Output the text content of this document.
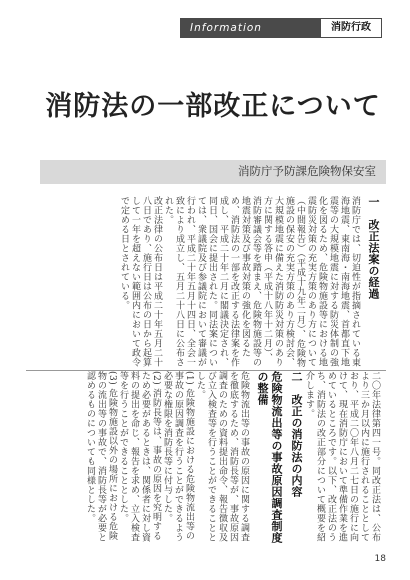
Information	消防行政
消防法の一部改正について
消防庁予防課危険物保安室
一　改正法案の経過

消防庁では、切迫性が指摘されている東海地震、東南海・南海地震、首都直下地震等の大規模地震に対する防災体制の強化を図るため、危険物施設等における地震防災対策の充実方策のあり方について（中間報告）（平成十九年二月）、危険物施設の保安の充実方策のあり方検討会、大規模地震に備えた消防防災対策のあり方に関する答申（平成十八年十二月）、消防審議会等を踏まえ、危険物施設等の地震対策及び事故対策の強化を図るため、消防法の一部を改正する法律案を作成し、平成二十年二月に閣議決定され、同日、国会に提出された。同法案については、衆議院及び参議院において審議が行われ、平成二十年五月十四日、全会一致により成立し、五月二十八日に公布された。

改正法律の公布日は平成二十年五月二十八日であり、施行日は公布の日から起算して一年を超えない範囲内において政令で定める日とされている。

二〇年法律第四一号。同改正法は、公布より三か月以内に施行されることとしており、平成二〇年八月二七日の施行に向けて、現在消防庁において準備作業を進めているところです。以下、改正法のうち、消防法の改正部分について概要を紹介します。

二　改正の消防法の内容
危険物流出等の事故原因調査制度の整備

危険物流出等の事故の原因に関する調査を徹底するため、消防長等が、事故原因調査のための資料提出命令、報告徴収及び立入検査等を行うことができることとした。

(1) 危険物施設における危険物流出等の事故の原因調査を行うことができるよう必要な権限を消防長等に付与した。

(2) 消防長等は、事故の原因を究明するため必要があるときは、関係者に対し資料の提出を命じ、報告を求め、立入検査等を行うことができることとした。

(3) 危険物施設以外の場所における危険物の流出等の事故で、消防長等が必要と認めるものについても同様とした。

18
